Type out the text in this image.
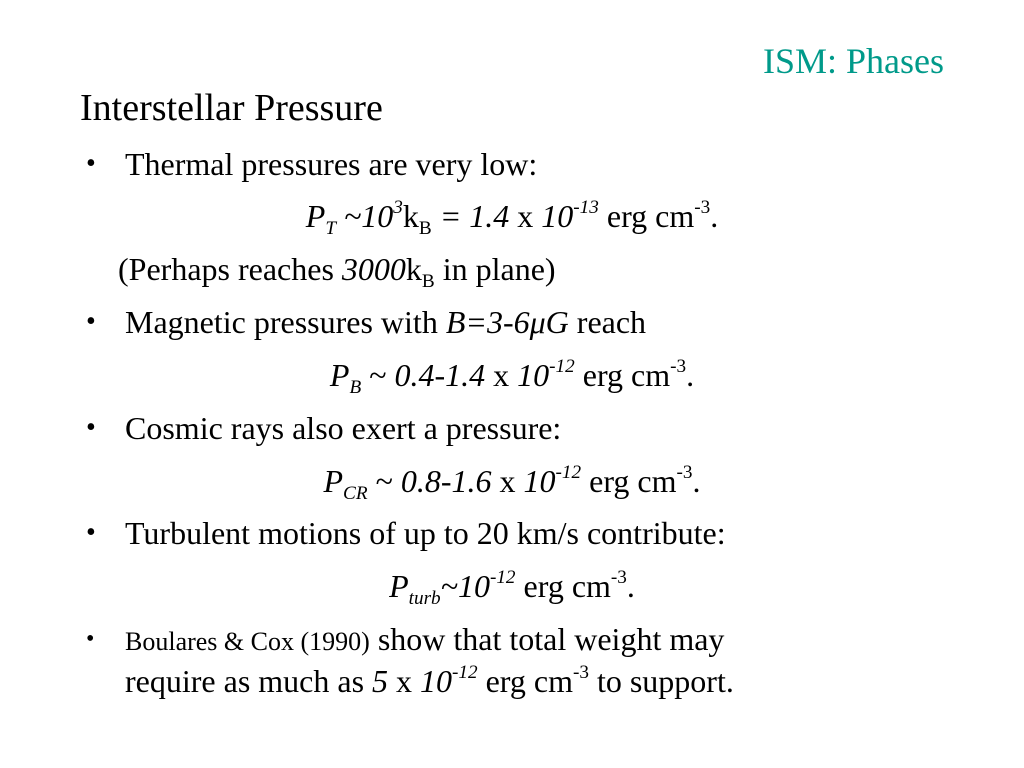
ISM: Phases
Interstellar Pressure
• Thermal pressures are very low:
$P_T$ $\sim 10^3k_B = 1.4$ x $10^{-13}$ erg $cm^{-3}$.
(Perhaps reaches $3000k_B$ in plane)
• Magnetic pressures with B=3-6μG reach
$P_B$ ~ 0.4-1.4 x $10^{-12}$ erg $cm^{-3}$.
• Cosmic rays also exert a pressure:
$P_{CR}$ ~ 0.8-1.6 x $10^{-12}$ erg $cm^{-3}$.
• Turbulent motions of up to 20 km/s contribute:
$P_{turb}\sim 10^{-12}$ erg $cm^{-3}$.
• Boulares & Cox (1990) show that total weight may
require as much as 5 x $10^{-12}$ erg $cm^{-3}$ to support.
